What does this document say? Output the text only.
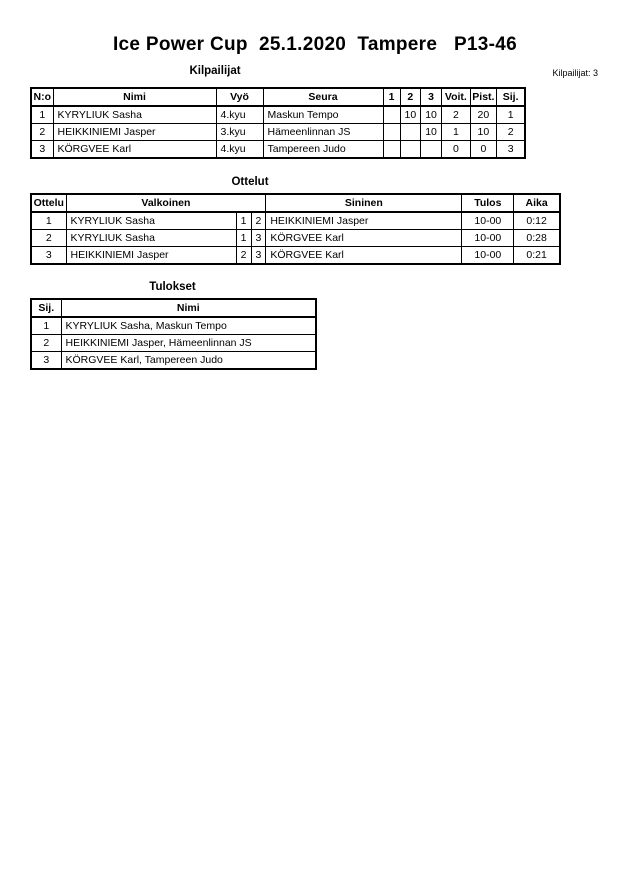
Ice Power Cup  25.1.2020  Tampere   P13-46
Kilpailijat: 3
Kilpailijat
N:o	Nimi	Vyö	Seura	1	2	3	Voit.	Pist.	Sij.
1	KYRYLIUK Sasha	4.kyu	Maskun Tempo		10	10	2	20	1
2	HEIKKINIEMI Jasper	3.kyu	Hämeenlinnan JS			10	1	10	2
3	KÖRGVEE Karl	4.kyu	Tampereen Judo				0	0	3
Ottelut
Ottelu	Valkoinen			Sininen	Tulos	Aika
1	KYRYLIUK Sasha	1	2	HEIKKINIEMI Jasper	10-00	0:12
2	KYRYLIUK Sasha	1	3	KÖRGVEE Karl	10-00	0:28
3	HEIKKINIEMI Jasper	2	3	KÖRGVEE Karl	10-00	0:21
Tulokset
Sij.	Nimi
1	KYRYLIUK Sasha, Maskun Tempo
2	HEIKKINIEMI Jasper, Hämeenlinnan JS
3	KÖRGVEE Karl, Tampereen Judo
